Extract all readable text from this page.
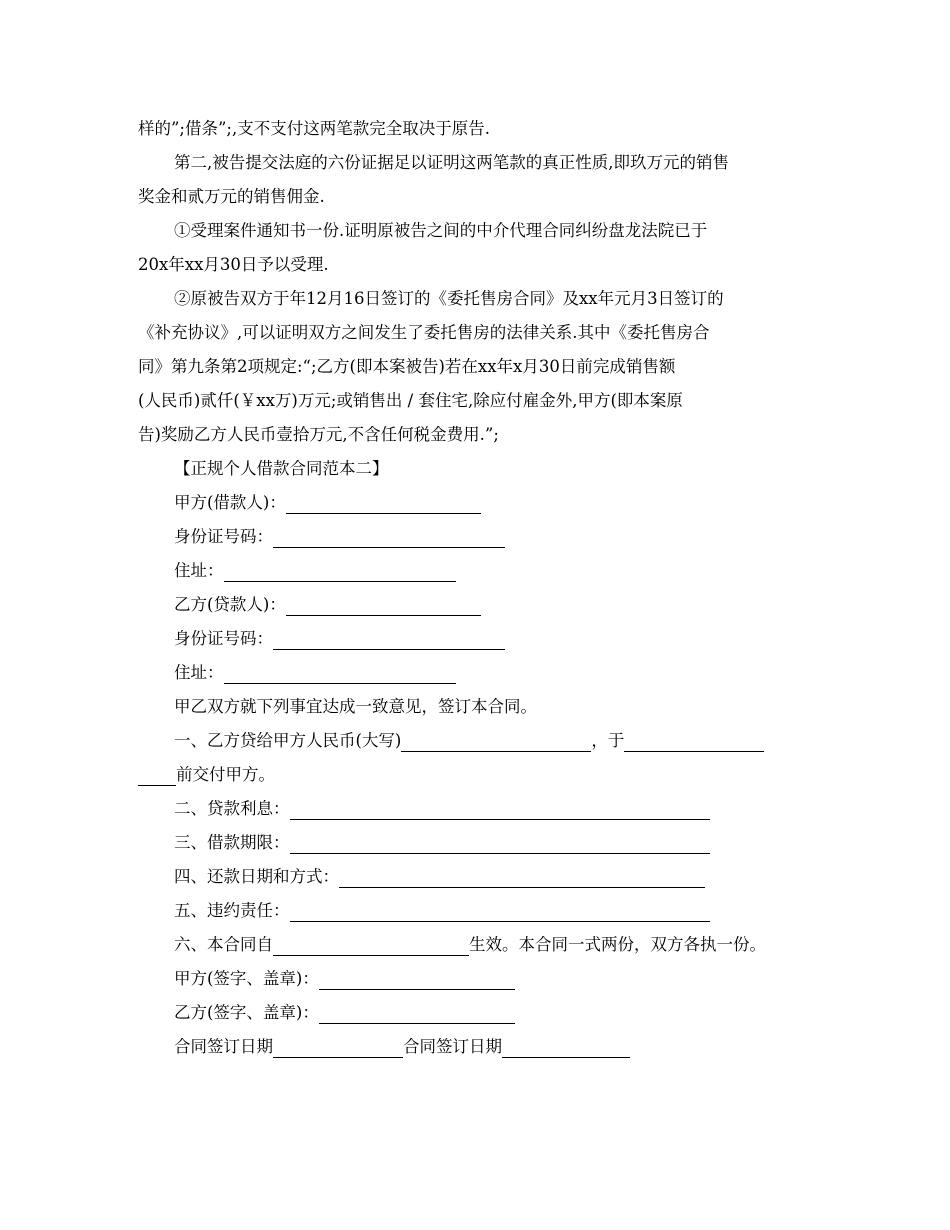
样的”;借条”;,支不支付这两笔款完全取决于原告.
第二,被告提交法庭的六份证据足以证明这两笔款的真正性质,即玖万元的销售
奖金和贰万元的销售佣金.
①受理案件通知书一份.证明原被告之间的中介代理合同纠纷盘龙法院已于
20x年xx月30日予以受理.
②原被告双方于年12月16日签订的《委托售房合同》及xx年元月3日签订的
《补充协议》,可以证明双方之间发生了委托售房的法律关系.其中《委托售房合
同》第九条第2项规定:“;乙方(即本案被告)若在xx年x月30日前完成销售额
(人民币)贰仟(￥xx万)万元;或销售出 / 套住宅,除应付雇金外,甲方(即本案原
告)奖励乙方人民币壹拾万元,不含任何税金费用.”;
【正规个人借款合同范本二】
甲方(借款人)：
身份证号码：
住址：
乙方(贷款人)：
身份证号码：
住址：
甲乙双方就下列事宜达成一致意见，签订本合同。
一、乙方贷给甲方人民币(大写)	，于
前交付甲方。
二、贷款利息：
三、借款期限：
四、还款日期和方式：
五、违约责任：
六、本合同自	生效。本合同一式两份，双方各执一份。
甲方(签字、盖章)：
乙方(签字、盖章)：
合同签订日期	合同签订日期
